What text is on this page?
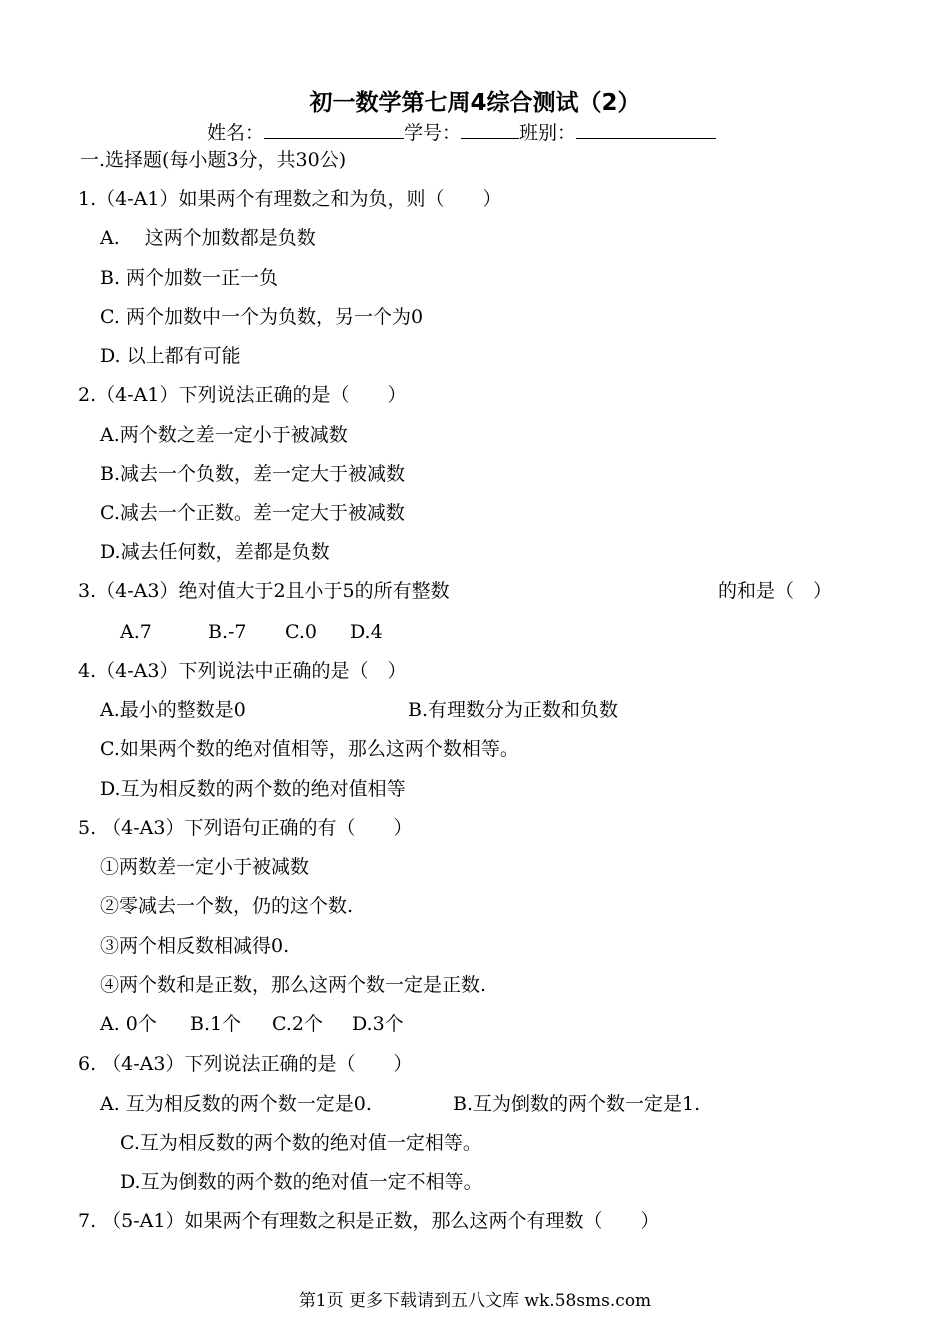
初一数学第七周4综合测试（2）
姓名：	学号：	班别：
一.选择题(每小题3分，共30公)
1.（4-A1）如果两个有理数之和为负，则（　　）
A.　 这两个加数都是负数
B. 两个加数一正一负
C. 两个加数中一个为负数，另一个为0
D. 以上都有可能
2.（4-A1）下列说法正确的是（　　）
A.两个数之差一定小于被减数
B.减去一个负数，差一定大于被减数
C.减去一个正数。差一定大于被减数
D.减去任何数，差都是负数
3.（4-A3）绝对值大于2且小于5的所有整数	的和是（　）
A.7	B.-7 C.0 D.4
4.（4-A3）下列说法中正确的是（　）
A.最小的整数是0	B.有理数分为正数和负数
C.如果两个数的绝对值相等，那么这两个数相等。
D.互为相反数的两个数的绝对值相等
5. （4-A3）下列语句正确的有（　　）
①两数差一定小于被减数
②零减去一个数，仍的这个数.
③两个相反数相减得0.
④两个数和是正数，那么这两个数一定是正数.
A. 0个 B.1个 C.2个 D.3个
6. （4-A3）下列说法正确的是（　　）
A. 互为相反数的两个数一定是0.	B.互为倒数的两个数一定是1.
C.互为相反数的两个数的绝对值一定相等。
D.互为倒数的两个数的绝对值一定不相等。
7. （5-A1）如果两个有理数之积是正数，那么这两个有理数（　　）
第1页 更多下载请到五八文库 wk.58sms.com
